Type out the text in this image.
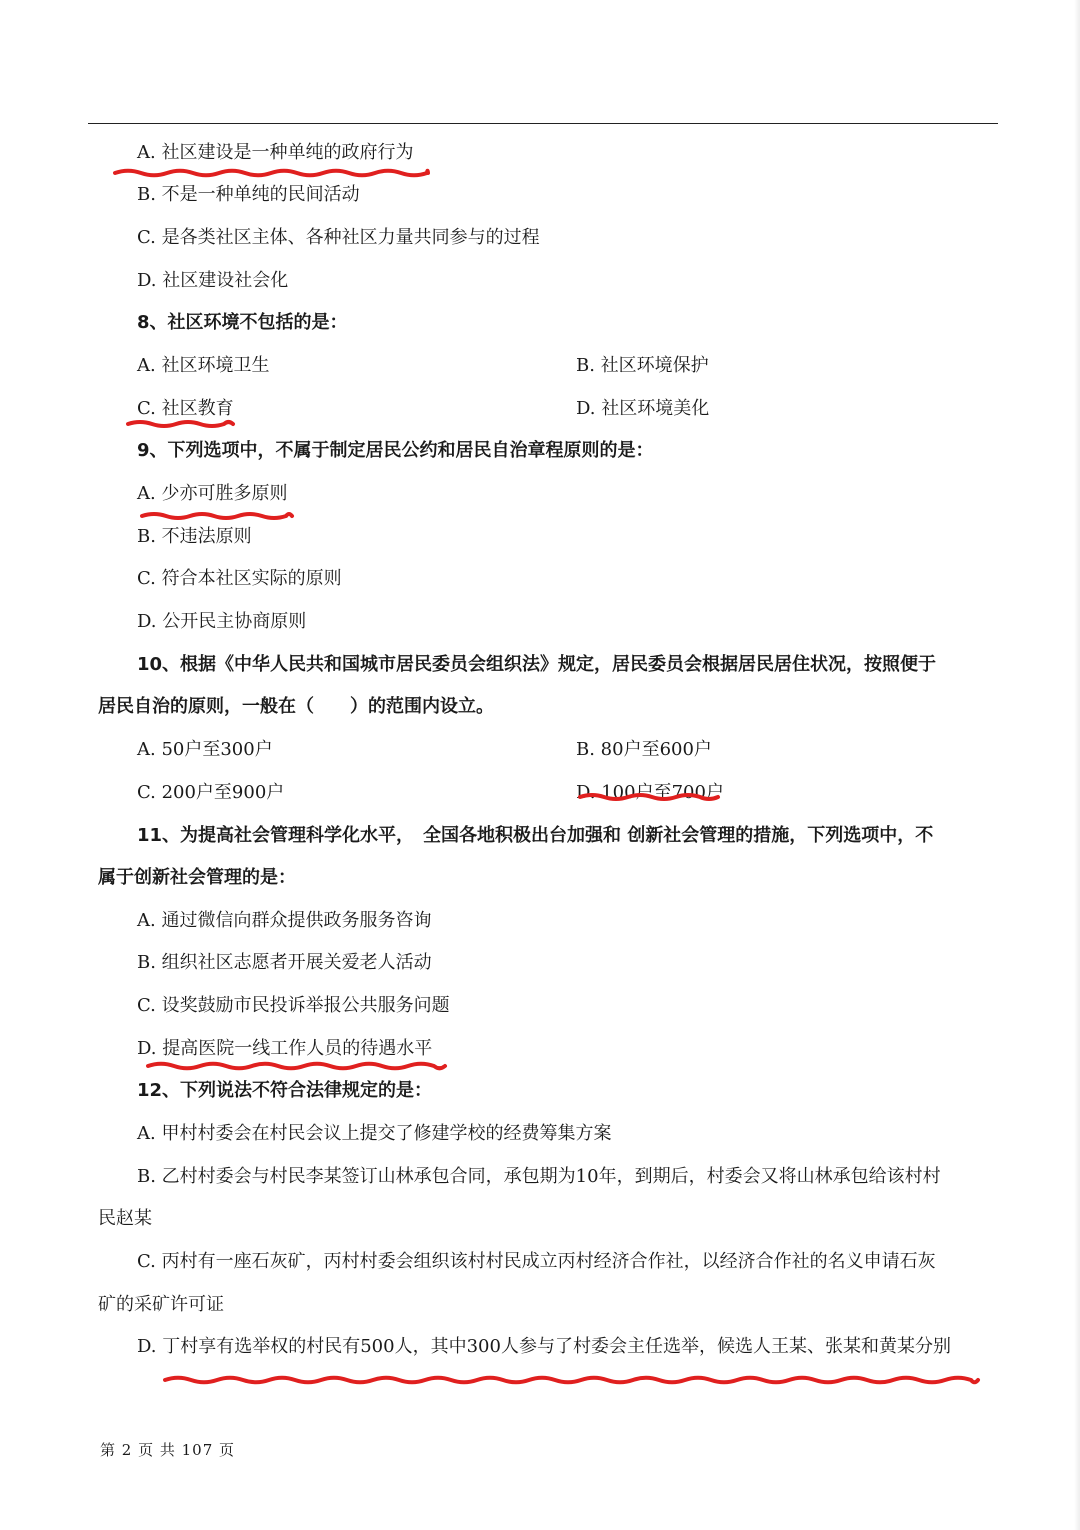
A. 社区建设是一种单纯的政府行为
B. 不是一种单纯的民间活动
C. 是各类社区主体、各种社区力量共同参与的过程
D. 社区建设社会化
8、社区环境不包括的是：
A. 社区环境卫生	B. 社区环境保护
C. 社区教育	D. 社区环境美化
9、下列选项中，不属于制定居民公约和居民自治章程原则的是：
A. 少亦可胜多原则
B. 不违法原则
C. 符合本社区实际的原则
D. 公开民主协商原则
10、根据《中华人民共和国城市居民委员会组织法》规定，居民委员会根据居民居住状况，按照便于
居民自治的原则，一般在（　　）的范围内设立。
A. 50户至300户	B. 80户至600户
C. 200户至900户	D. 100户至700户
11、为提高社会管理科学化水平，　全国各地积极出台加强和 创新社会管理的措施，下列选项中，不
属于创新社会管理的是：
A. 通过微信向群众提供政务服务咨询
B. 组织社区志愿者开展关爱老人活动
C. 设奖鼓励市民投诉举报公共服务问题
D. 提高医院一线工作人员的待遇水平
12、下列说法不符合法律规定的是：
A. 甲村村委会在村民会议上提交了修建学校的经费筹集方案
B. 乙村村委会与村民李某签订山林承包合同，承包期为10年，到期后，村委会又将山林承包给该村村
民赵某
C. 丙村有一座石灰矿，丙村村委会组织该村村民成立丙村经济合作社，以经济合作社的名义申请石灰
矿的采矿许可证
D. 丁村享有选举权的村民有500人，其中300人参与了村委会主任选举，候选人王某、张某和黄某分别
第 2 页 共 107 页
